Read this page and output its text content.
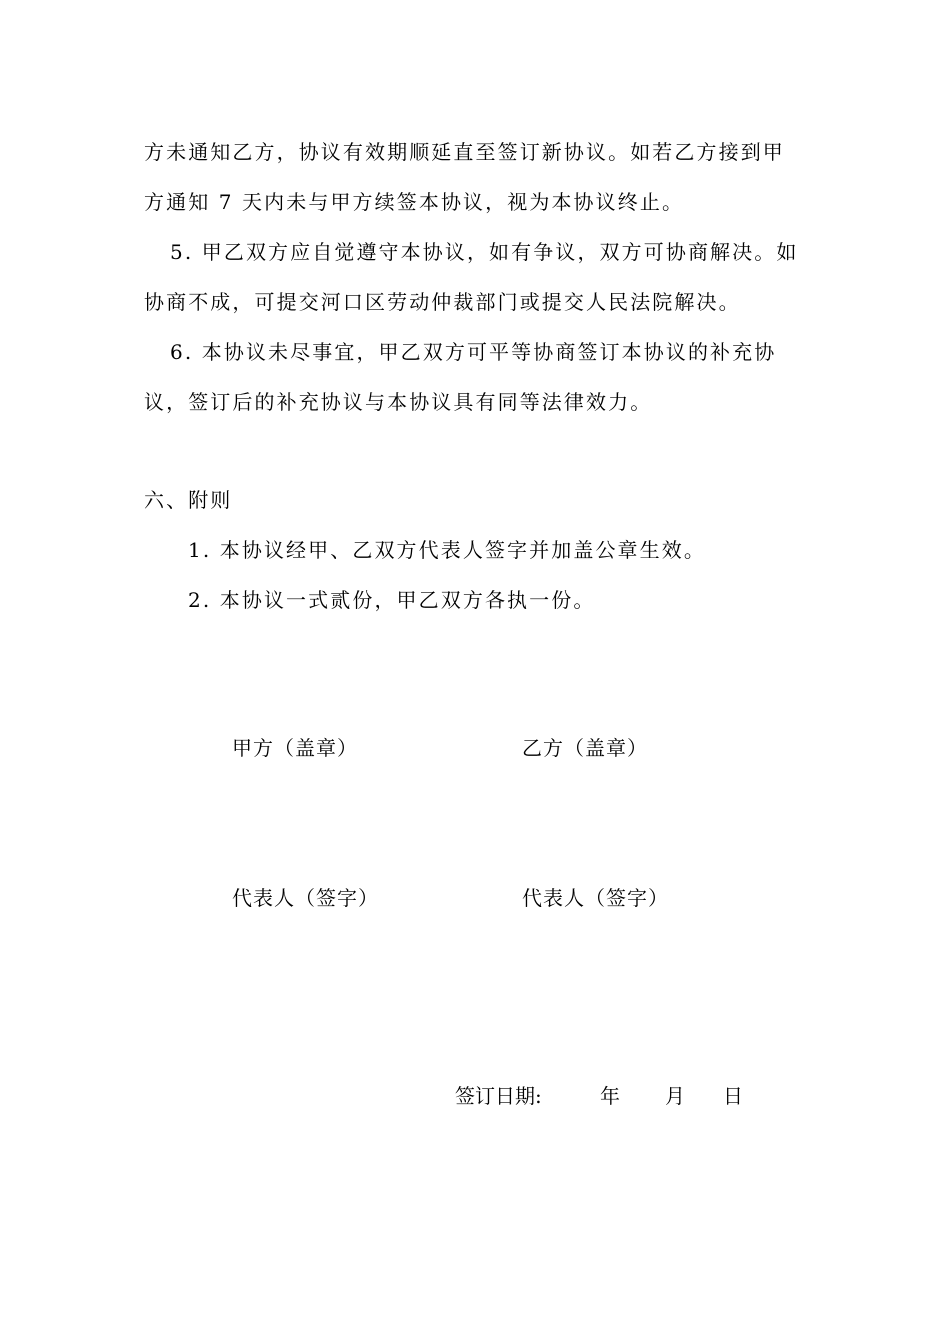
方未通知乙方，协议有效期顺延直至签订新协议。如若乙方接到甲
方通知 7 天内未与甲方续签本协议，视为本协议终止。
5. 甲乙双方应自觉遵守本协议，如有争议，双方可协商解决。如
协商不成，可提交河口区劳动仲裁部门或提交人民法院解决。
6. 本协议未尽事宜，甲乙双方可平等协商签订本协议的补充协
议，签订后的补充协议与本协议具有同等法律效力。
六、附则
1. 本协议经甲、乙双方代表人签字并加盖公章生效。
2. 本协议一式贰份，甲乙双方各执一份。
甲方（盖章）	乙方（盖章）
代表人（签字）	代表人（签字）
签订日期:	年 月 日
